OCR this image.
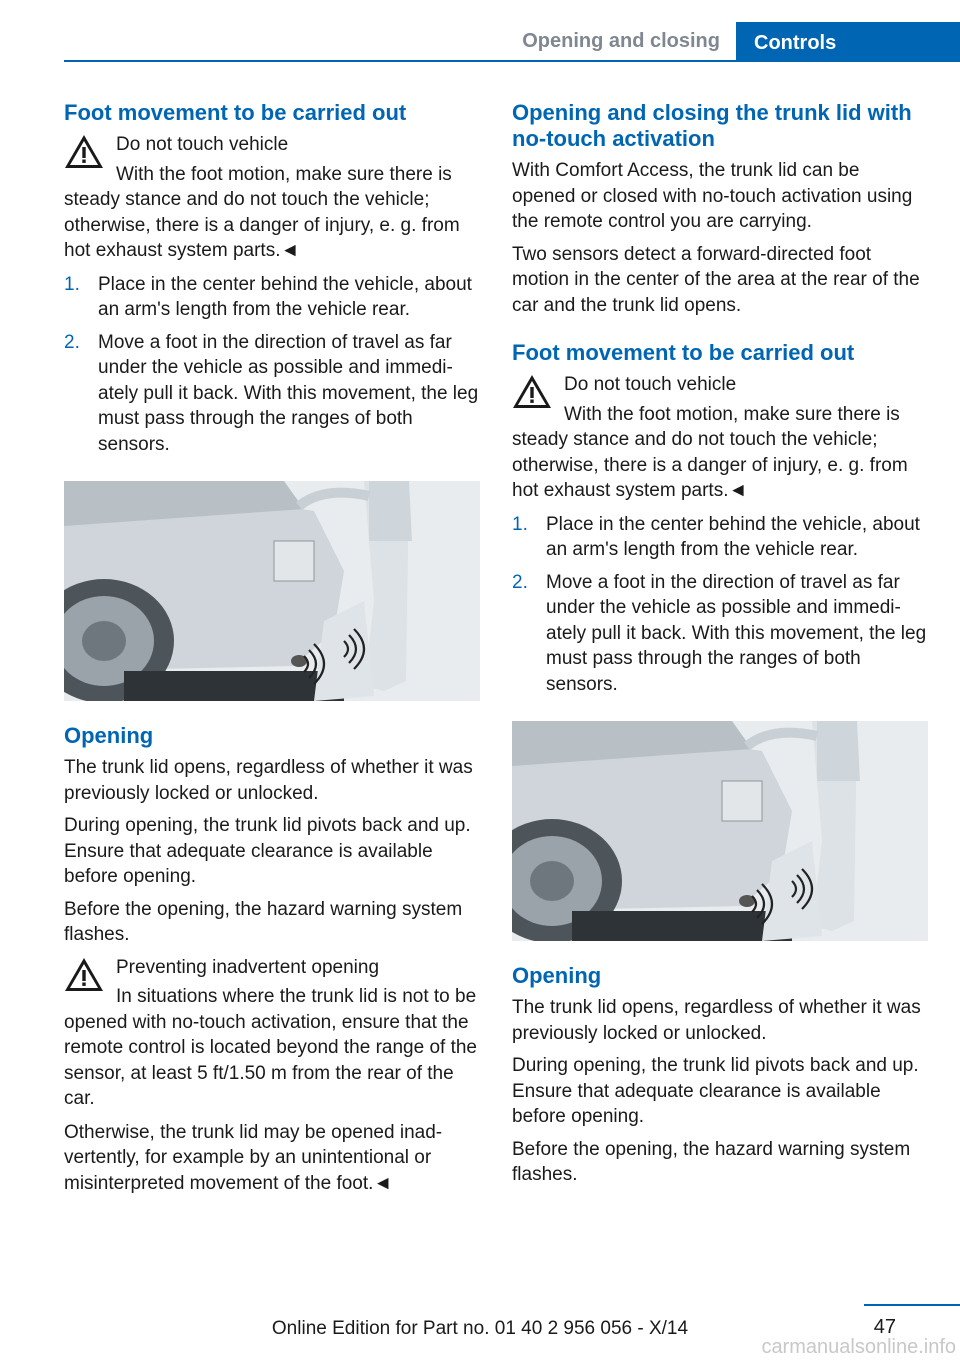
Opening and closing	Controls
Foot movement to be carried out

Do not touch vehicle

With the foot motion, make sure there is steady stance and do not touch the vehicle; otherwise, there is a danger of injury, e. g. from hot exhaust system parts.◄

1. Place in the center behind the vehicle, about an arm's length from the vehicle rear.
2. Move a foot in the direction of travel as far under the vehicle as possible and immediately pull it back. With this movement, the leg must pass through the ranges of both sensors.
Opening

The trunk lid opens, regardless of whether it was previously locked or unlocked.

During opening, the trunk lid pivots back and up. Ensure that adequate clearance is available before opening.

Before the opening, the hazard warning system flashes.

Preventing inadvertent opening

In situations where the trunk lid is not to be opened with no-touch activation, ensure that the remote control is located beyond the range of the sensor, at least 5 ft/1.50 m from the rear of the car.

Otherwise, the trunk lid may be opened inadvertently, for example by an unintentional or misinterpreted movement of the foot.◄

Opening and closing the trunk lid with no-touch activation

With Comfort Access, the trunk lid can be opened or closed with no-touch activation using the remote control you are carrying.

Two sensors detect a forward-directed foot motion in the center of the area at the rear of the car and the trunk lid opens.

Foot movement to be carried out

Do not touch vehicle

With the foot motion, make sure there is steady stance and do not touch the vehicle; otherwise, there is a danger of injury, e. g. from hot exhaust system parts.◄

1. Place in the center behind the vehicle, about an arm's length from the vehicle rear.
2. Move a foot in the direction of travel as far under the vehicle as possible and immediately pull it back. With this movement, the leg must pass through the ranges of both sensors.
Opening

The trunk lid opens, regardless of whether it was previously locked or unlocked.

During opening, the trunk lid pivots back and up. Ensure that adequate clearance is available before opening.

Before the opening, the hazard warning system flashes.

47
Online Edition for Part no. 01 40 2 956 056 - X/14
carmanualsonline.info
